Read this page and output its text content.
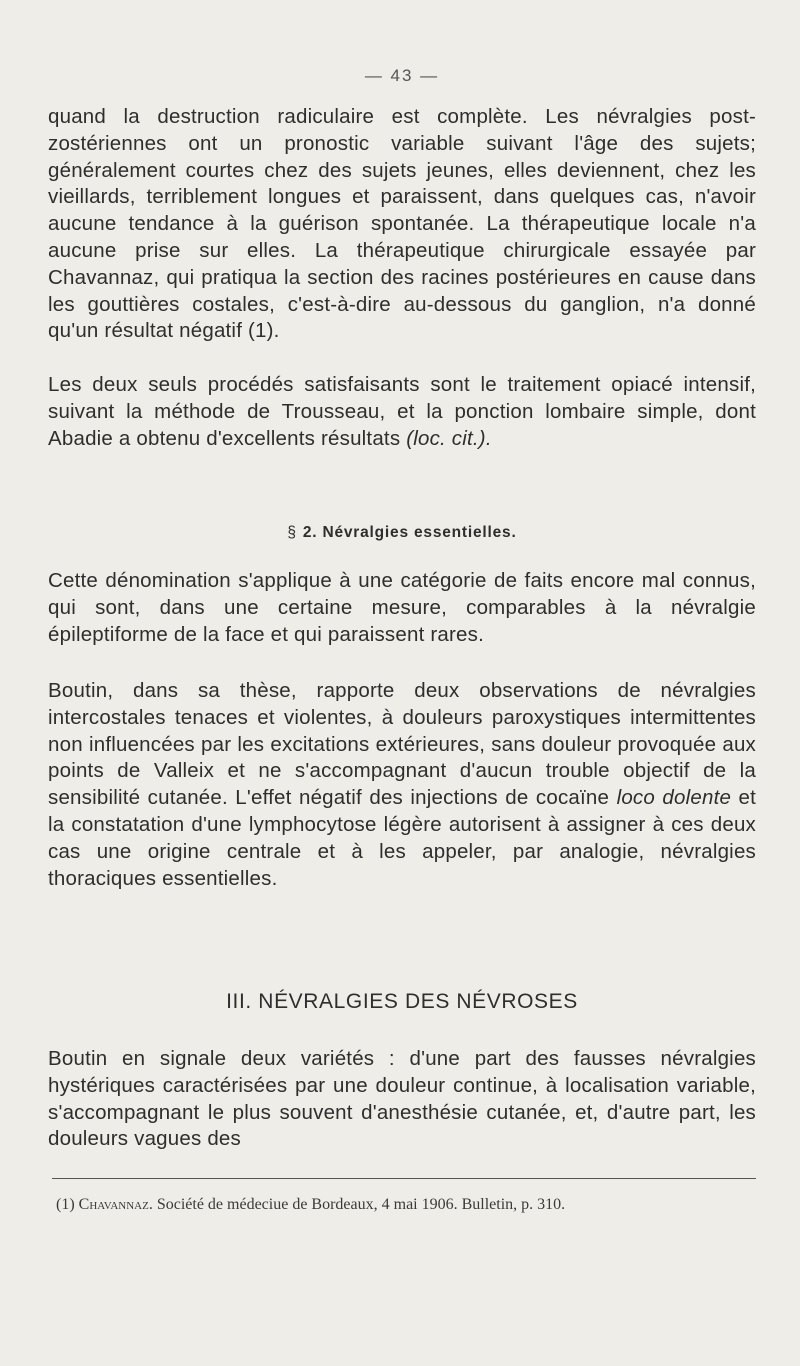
— 43 —

quand la destruction radiculaire est complète. Les névralgies post-zostériennes ont un pronostic variable suivant l'âge des sujets; généralement courtes chez des sujets jeunes, elles deviennent, chez les vieillards, terriblement longues et paraissent, dans quelques cas, n'avoir aucune tendance à la guérison spontanée. La thérapeutique locale n'a aucune prise sur elles. La thérapeutique chirurgicale essayée par Chavannaz, qui pratiqua la section des racines postérieures en cause dans les gouttières costales, c'est-à-dire au-dessous du ganglion, n'a donné qu'un résultat négatif (1).

Les deux seuls procédés satisfaisants sont le traitement opiacé intensif, suivant la méthode de Trousseau, et la ponction lombaire simple, dont Abadie a obtenu d'excellents résultats (loc. cit.).

§ 2. Névralgies essentielles.

Cette dénomination s'applique à une catégorie de faits encore mal connus, qui sont, dans une certaine mesure, comparables à la névralgie épileptiforme de la face et qui paraissent rares.

Boutin, dans sa thèse, rapporte deux observations de névralgies intercostales tenaces et violentes, à douleurs paroxystiques intermittentes non influencées par les excitations extérieures, sans douleur provoquée aux points de Valleix et ne s'accompagnant d'aucun trouble objectif de la sensibilité cutanée. L'effet négatif des injections de cocaïne loco dolente et la constatation d'une lymphocytose légère autorisent à assigner à ces deux cas une origine centrale et à les appeler, par analogie, névralgies thoraciques essentielles.

III. NÉVRALGIES DES NÉVROSES

Boutin en signale deux variétés : d'une part des fausses névralgies hystériques caractérisées par une douleur continue, à localisation variable, s'accompagnant le plus souvent d'anesthésie cutanée, et, d'autre part, les douleurs vagues des

(1) Chavannaz. Société de médeciue de Bordeaux, 4 mai 1906. Bulletin, p. 310.
